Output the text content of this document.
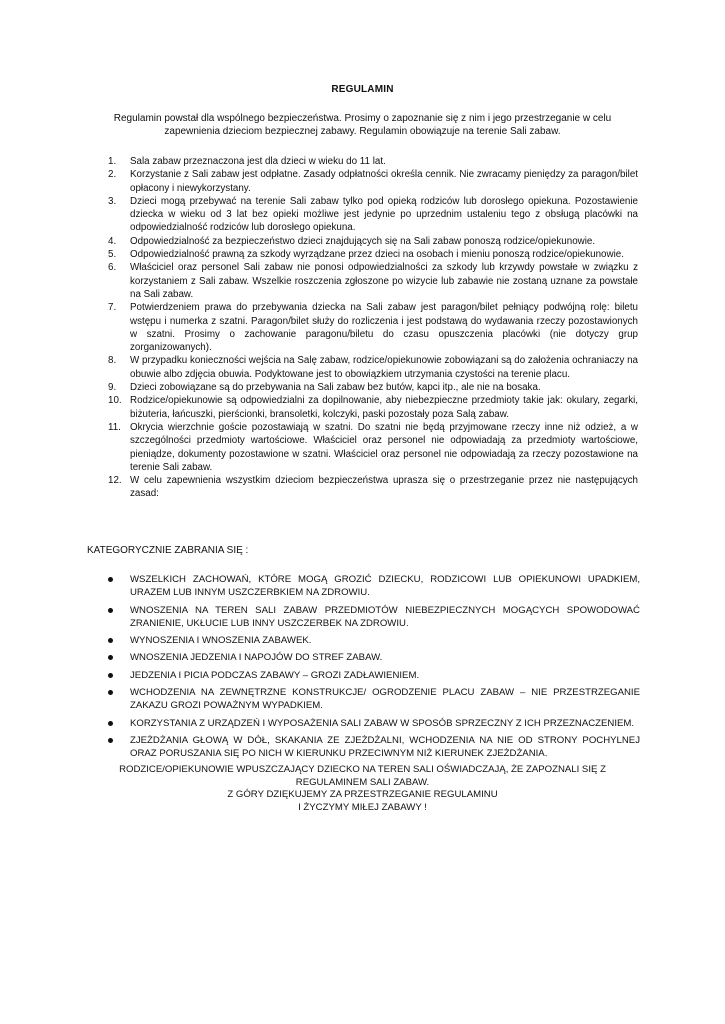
REGULAMIN
Regulamin powstał dla wspólnego bezpieczeństwa. Prosimy o zapoznanie się z nim i jego przestrzeganie w celu zapewnienia dzieciom bezpiecznej zabawy. Regulamin obowiązuje na terenie Sali zabaw.
1. Sala zabaw przeznaczona jest dla dzieci w wieku do 11 lat.
2. Korzystanie z Sali zabaw jest odpłatne. Zasady odpłatności określa cennik. Nie zwracamy pieniędzy za paragon/bilet opłacony i niewykorzystany.
3. Dzieci mogą przebywać na terenie Sali zabaw tylko pod opieką rodziców lub dorosłego opiekuna. Pozostawienie dziecka w wieku od 3 lat bez opieki możliwe jest jedynie po uprzednim ustaleniu tego z obsługą placówki na odpowiedzialność rodziców lub dorosłego opiekuna.
4. Odpowiedzialność za bezpieczeństwo dzieci znajdujących się na Sali zabaw ponoszą rodzice/opiekunowie.
5. Odpowiedzialność prawną za szkody wyrządzane przez dzieci na osobach i mieniu ponoszą rodzice/opiekunowie.
6. Właściciel oraz personel Sali zabaw nie ponosi odpowiedzialności za szkody lub krzywdy powstałe w związku z korzystaniem z Sali zabaw. Wszelkie roszczenia zgłoszone po wizycie lub zabawie nie zostaną uznane za powstałe na Sali zabaw.
7. Potwierdzeniem prawa do przebywania dziecka na Sali zabaw jest paragon/bilet pełniący podwójną rolę: biletu wstępu i numerka z szatni. Paragon/bilet służy do rozliczenia i jest podstawą do wydawania rzeczy pozostawionych w szatni. Prosimy o zachowanie paragonu/biletu do czasu opuszczenia placówki (nie dotyczy grup zorganizowanych).
8. W przypadku konieczności wejścia na Salę zabaw, rodzice/opiekunowie zobowiązani są do założenia ochraniaczy na obuwie albo zdjęcia obuwia. Podyktowane jest to obowiązkiem utrzymania czystości na terenie placu.
9. Dzieci zobowiązane są do przebywania na Sali zabaw bez butów, kapci itp., ale nie na bosaka.
10. Rodzice/opiekunowie są odpowiedzialni za dopilnowanie, aby niebezpieczne przedmioty takie jak: okulary, zegarki, biżuteria, łańcuszki, pierścionki, bransoletki, kolczyki, paski pozostały poza Salą zabaw.
11. Okrycia wierzchnie goście pozostawiają w szatni. Do szatni nie będą przyjmowane rzeczy inne niż odzież, a w szczególności przedmioty wartościowe. Właściciel oraz personel nie odpowiadają za przedmioty wartościowe, pieniądze, dokumenty pozostawione w szatni. Właściciel oraz personel nie odpowiadają za rzeczy pozostawione na terenie Sali zabaw.
12. W celu zapewnienia wszystkim dzieciom bezpieczeństwa uprasza się o przestrzeganie przez nie następujących zasad:
KATEGORYCZNIE ZABRANIA SIĘ :
WSZELKICH ZACHOWAŃ, KTÓRE MOGĄ GROZIĆ DZIECKU, RODZICOWI LUB OPIEKUNOWI UPADKIEM, URAZEM LUB INNYM USZCZERBKIEM NA ZDROWIU.
WNOSZENIA NA TEREN SALI ZABAW PRZEDMIOTÓW NIEBEZPIECZNYCH MOGĄCYCH SPOWODOWAĆ ZRANIENIE, UKŁUCIE LUB INNY USZCZERBEK NA ZDROWIU.
WYNOSZENIA I WNOSZENIA ZABAWEK.
WNOSZENIA JEDZENIA I NAPOJÓW DO STREF ZABAW.
JEDZENIA I PICIA PODCZAS ZABAWY – GROZI ZADŁAWIENIEM.
WCHODZENIA NA ZEWNĘTRZNE KONSTRUKCJE/ OGRODZENIE PLACU ZABAW – NIE PRZESTRZEGANIE ZAKAZU GROZI POWAŻNYM WYPADKIEM.
KORZYSTANIA Z URZĄDZEŃ I WYPOSAŻENIA SALI ZABAW W SPOSÓB SPRZECZNY Z ICH PRZEZNACZENIEM.
ZJEŻDŻANIA GŁOWĄ W DÓŁ, SKAKANIA ZE ZJEŻDŻALNI, WCHODZENIA NA NIE OD STRONY POCHYLNEJ ORAZ PORUSZANIA SIĘ PO NICH W KIERUNKU PRZECIWNYM NIŻ KIERUNEK ZJEŻDŻANIA.
RODZICE/OPIEKUNOWIE WPUSZCZAJĄCY DZIECKO NA TEREN SALI OŚWIADCZAJĄ, ŻE ZAPOZNALI SIĘ Z REGULAMINEM SALI ZABAW.
Z GÓRY DZIĘKUJEMY ZA PRZESTRZEGANIE REGULAMINU
I ŻYCZYMY MIŁEJ ZABAWY !
